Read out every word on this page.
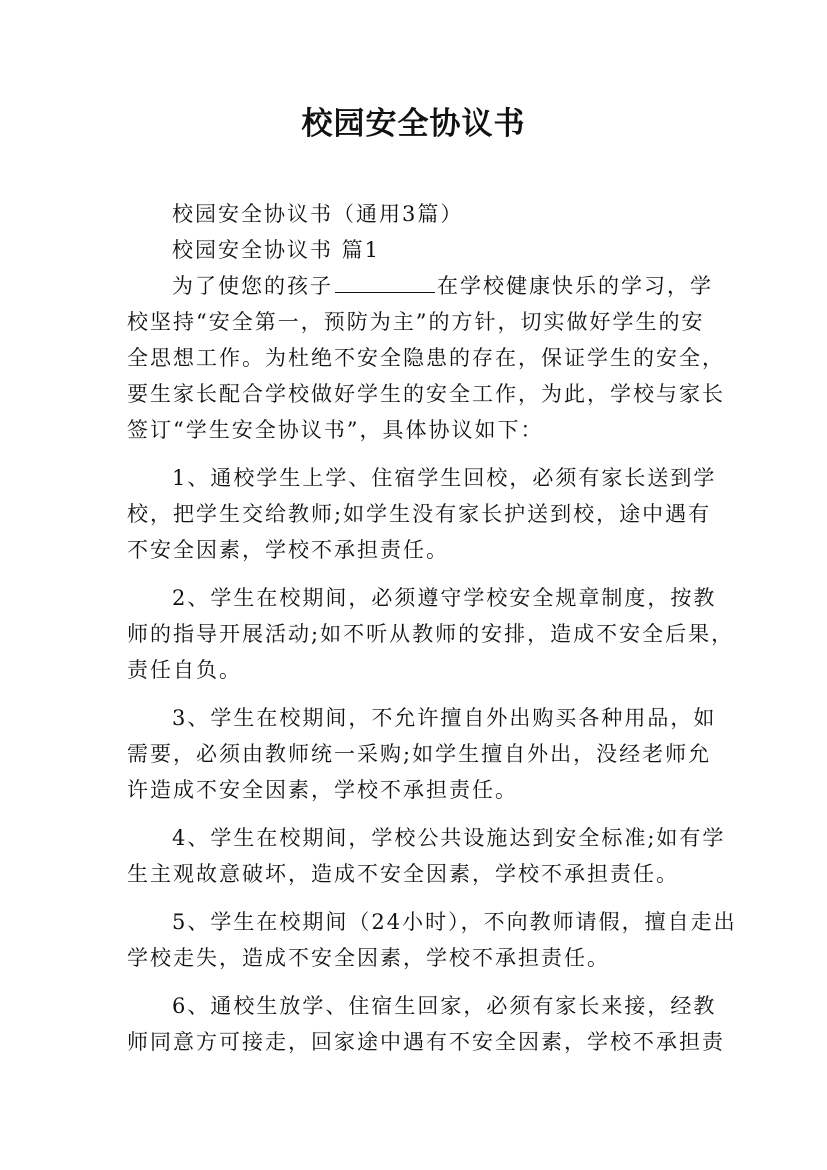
校园安全协议书

校园安全协议书（通用3篇）

校园安全协议书 篇1

为了使您的孩子	在学校健康快乐的学习，学

校坚持“安全第一，预防为主”的方针，切实做好学生的安

全思想工作。为杜绝不安全隐患的存在，保证学生的安全，

要生家长配合学校做好学生的安全工作，为此，学校与家长

签订“学生安全协议书”，具体协议如下：

1、通校学生上学、住宿学生回校，必须有家长送到学

校，把学生交给教师;如学生没有家长护送到校，途中遇有

不安全因素，学校不承担责任。

2、学生在校期间，必须遵守学校安全规章制度，按教

师的指导开展活动;如不听从教师的安排，造成不安全后果，

责任自负。

3、学生在校期间，不允许擅自外出购买各种用品，如

需要，必须由教师统一采购;如学生擅自外出，没经老师允

许造成不安全因素，学校不承担责任。

4、学生在校期间，学校公共设施达到安全标准;如有学

生主观故意破坏，造成不安全因素，学校不承担责任。

5、学生在校期间（24小时），不向教师请假，擅自走出

学校走失，造成不安全因素，学校不承担责任。

6、通校生放学、住宿生回家，必须有家长来接，经教

师同意方可接走，回家途中遇有不安全因素，学校不承担责
